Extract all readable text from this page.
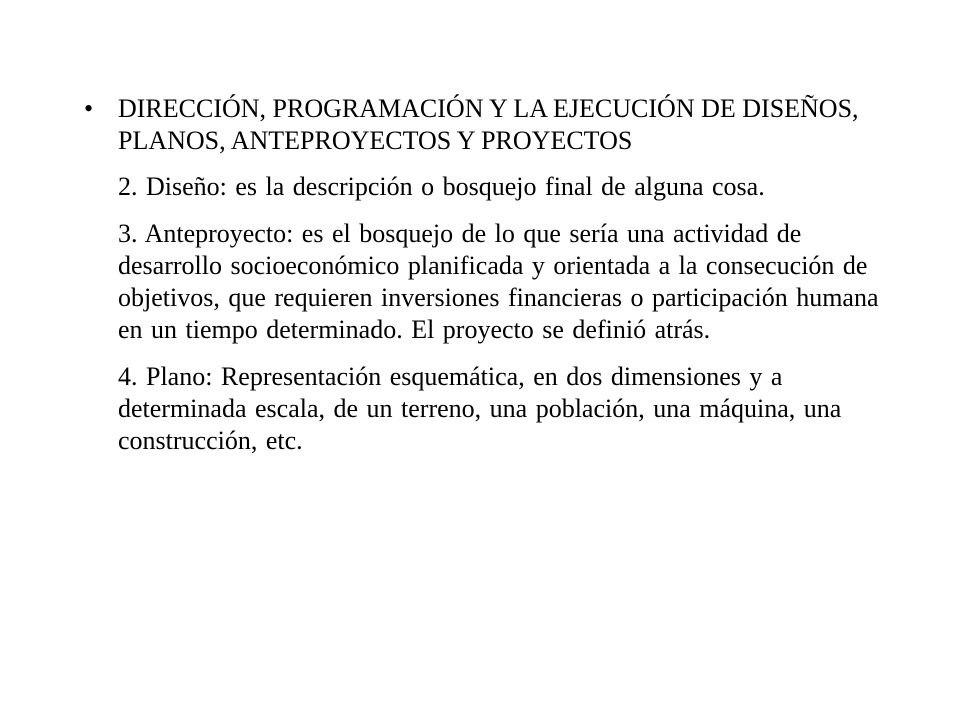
• DIRECCIÓN, PROGRAMACIÓN Y LA EJECUCIÓN DE DISEÑOS, PLANOS, ANTEPROYECTOS Y PROYECTOS
2. Diseño: es la descripción o bosquejo final de alguna cosa.
3. Anteproyecto: es el bosquejo de lo que sería una actividad de desarrollo socioeconómico planificada y orientada a la consecución de objetivos, que requieren inversiones financieras o participación humana en un tiempo determinado. El proyecto se definió atrás.
4. Plano: Representación esquemática, en dos dimensiones y a determinada escala, de un terreno, una población, una máquina, una construcción, etc.
